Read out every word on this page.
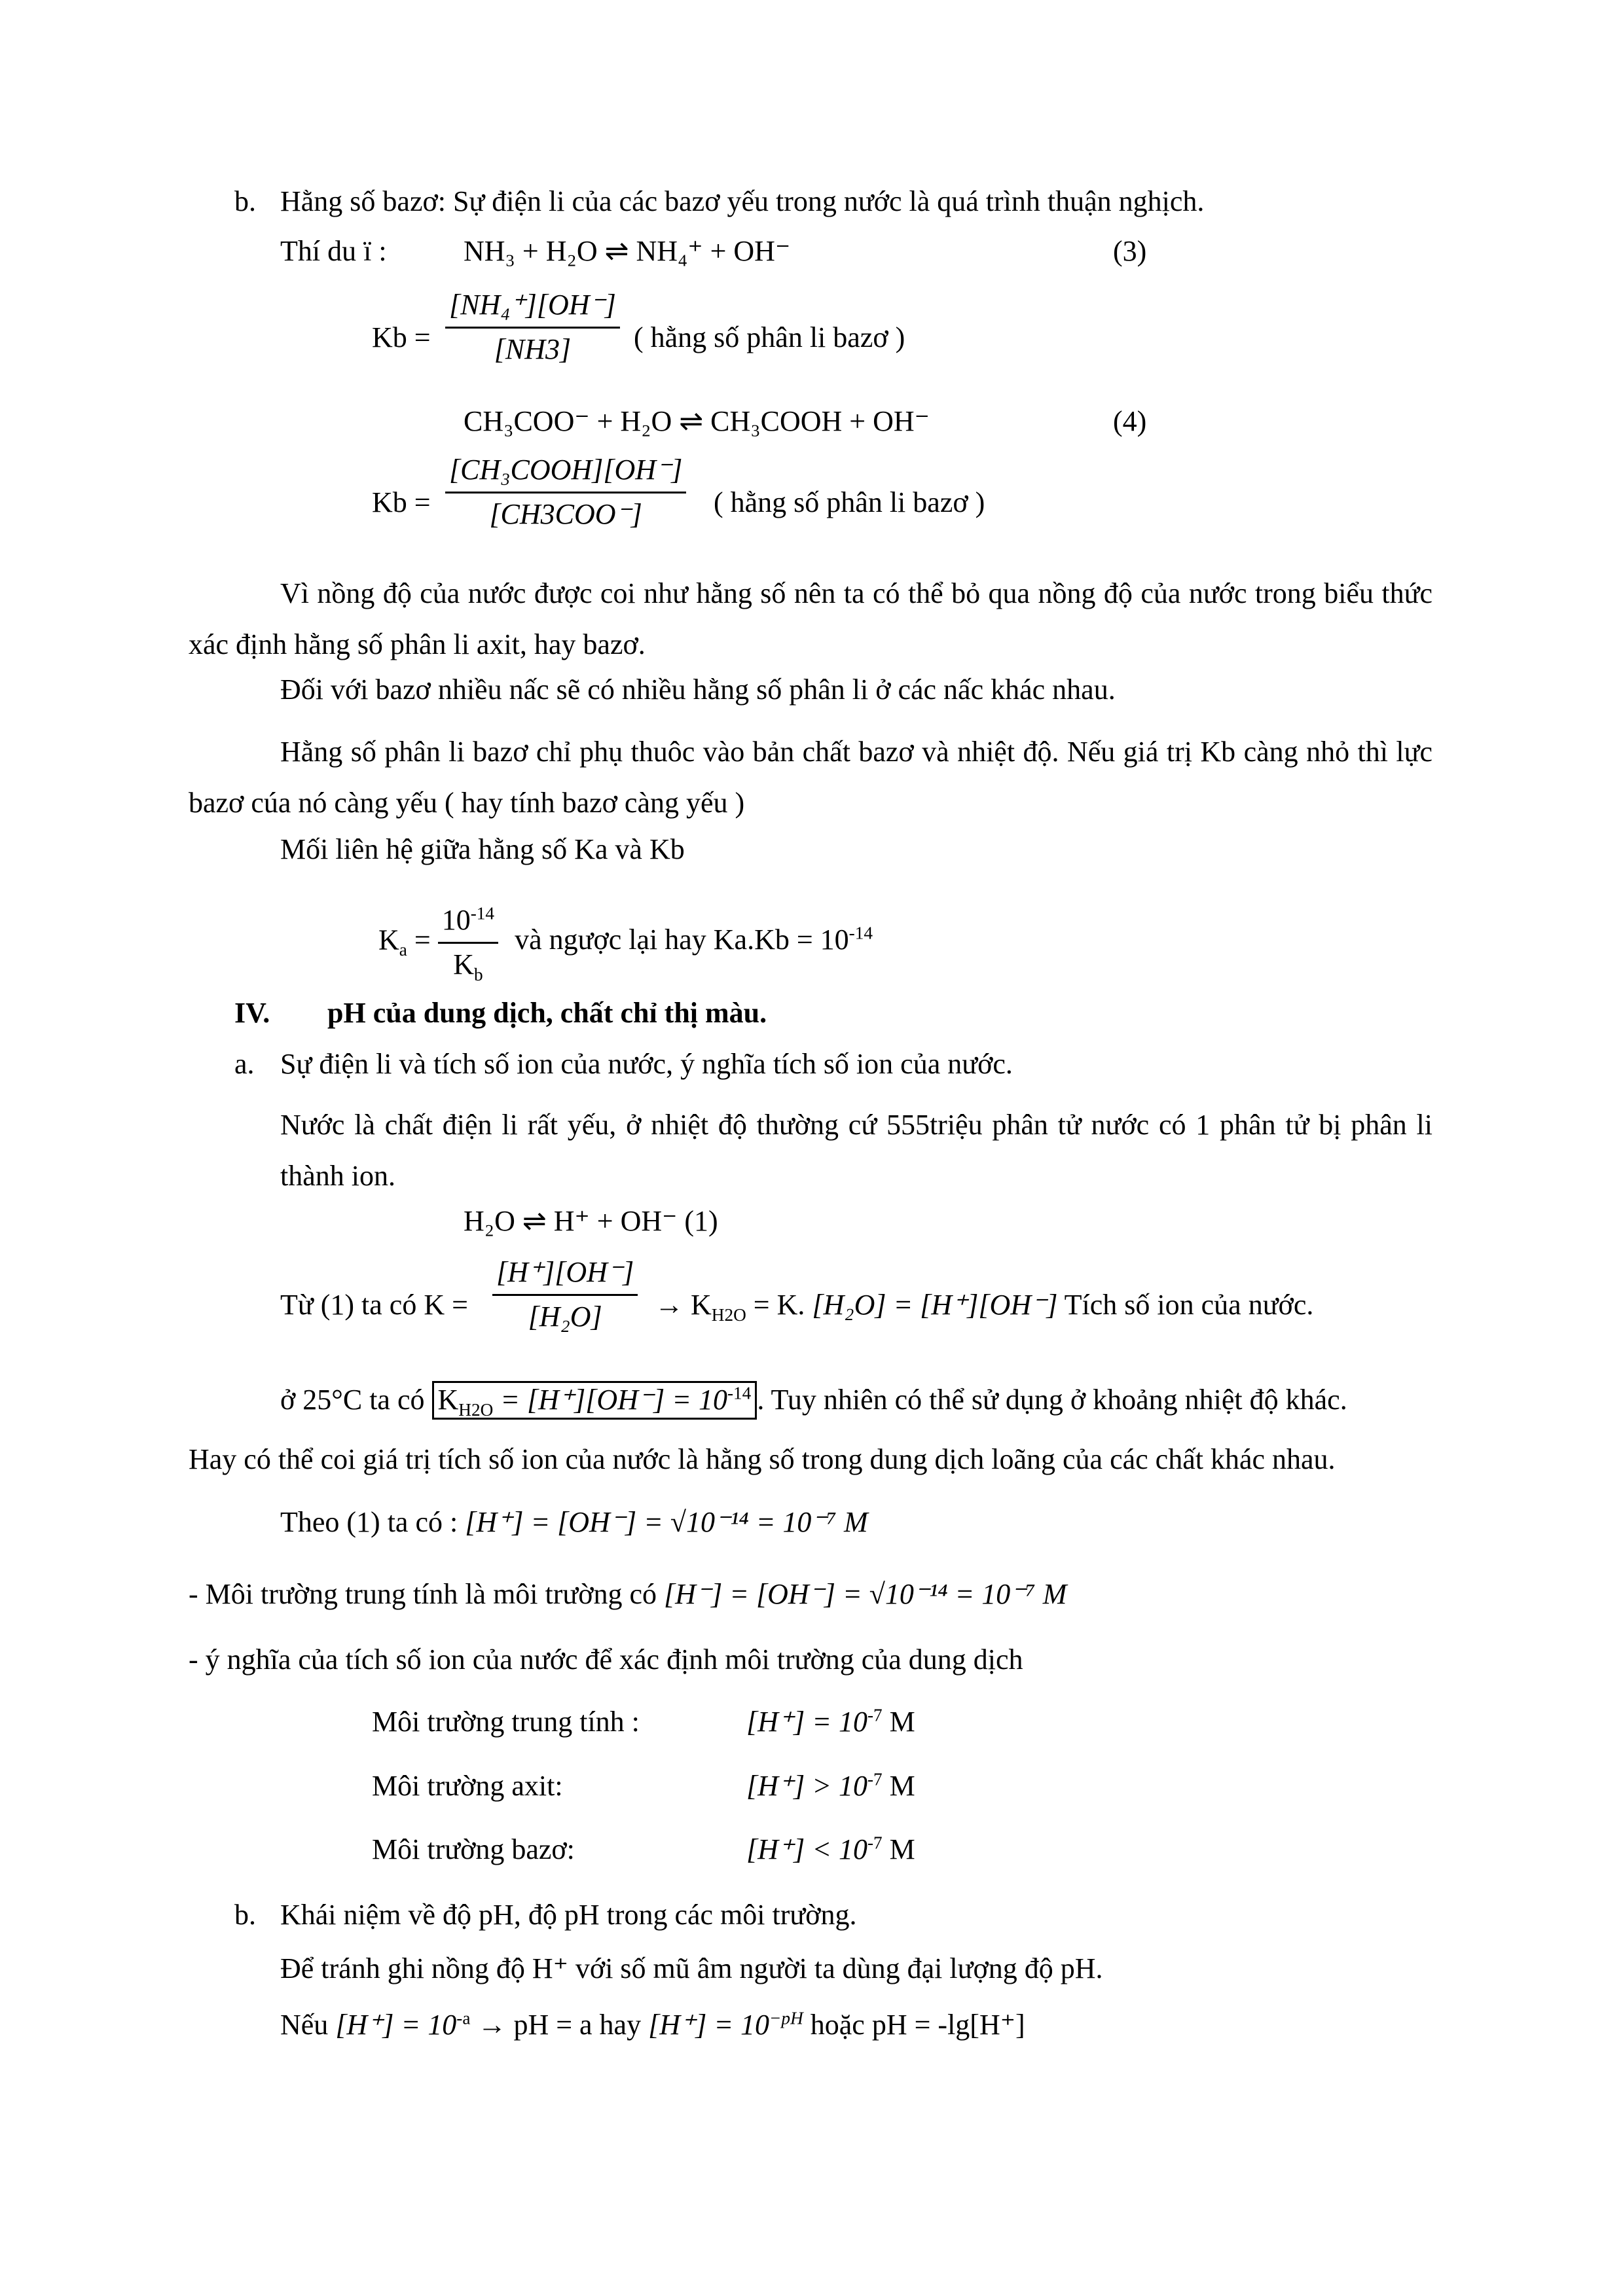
b. Hằng số bazơ: Sự điện li của các bazơ yếu trong nước là quá trình thuận nghịch.
Thí du ï :	NH₃ + H₂O ⇌ NH₄⁺ + OH⁻	(3)
$Kb = \frac{\text{[NH₄⁺][OH⁻]}}{[NH3]}$ ( hằng số phân li bazơ )
CH₃COO⁻ + H₂O ⇌ CH₃COOH + OH⁻	(4)
$Kb = \frac{\text{[CH₃COOH][OH⁻]}}{\text{[CH3COO⁻]}}$ ( hằng số phân li bazơ )
Vì nồng độ của nước được coi như hằng số nên ta có thể bỏ qua nồng độ của nước trong biểu thức xác định hằng số phân li axit, hay bazơ.
Đối với bazơ nhiều nấc sẽ có nhiều hằng số phân li ở các nấc khác nhau.
Hằng số phân li bazơ chỉ phụ thuôc vào bản chất bazơ và nhiệt độ. Nếu giá trị Kb càng nhỏ thì lực bazơ cúa nó càng yếu ( hay tính bazơ càng yếu )
Mối liên hệ giữa hằng số Ka và Kb
$K_a = \frac{10^{-14}}{K_b}$ và ngược lại hay $Ka.Kb = 10^{-14}$
IV. pH của dung dịch, chất chỉ thị màu.
a. Sự điện li và tích số ion của nước, ý nghĩa tích số ion của nước.
Nước là chất điện li rất yếu, ở nhiệt độ thường cứ 555triệu phân tử nước có 1 phân tử bị phân li thành ion.
H₂O ⇌ H⁺ + OH⁻ (1)
Từ (1) ta có $K = \frac{[H^+][OH^-]}{\text{[H₂O]}} \to K_{H2O} = K$. [H₂O] = [H⁺][OH⁻] Tích số ion của nước.
ở 25°C ta có $K_{H2O} = [H^+][OH^-] = 10^{-14}$ . Tuy nhiên có thể sử dụng ở khoảng nhiệt độ khác.
Hay có thể coi giá trị tích số ion của nước là hằng số trong dung dịch loãng của các chất khác nhau.
Theo (1) ta có : [H⁺] = [OH⁻] = √10⁻¹⁴ = 10⁻⁷ M
- Môi trường trung tính là môi trường có [H⁻] = [OH⁻] = √10⁻¹⁴ = 10⁻⁷ M
- ý nghĩa của tích số ion của nước để xác định môi trường của dung dịch
Môi trường trung tính :	$[H^+] = 10^{-7}$ M
Môi trường axit:	$[H^+] > 10^{-7}$ M
Môi trường bazơ:	$[H^+] < 10^{-7}$ M
b. Khái niệm về độ pH, độ pH trong các môi trường.
Để tránh ghi nồng độ H⁺ với số mũ âm người ta dùng đại lượng độ pH.
Nếu $[H^+] = 10^{-a}$ → pH = a hay $[H^+] = 10^{-pH}$ hoặc pH = -lg[H⁺]
